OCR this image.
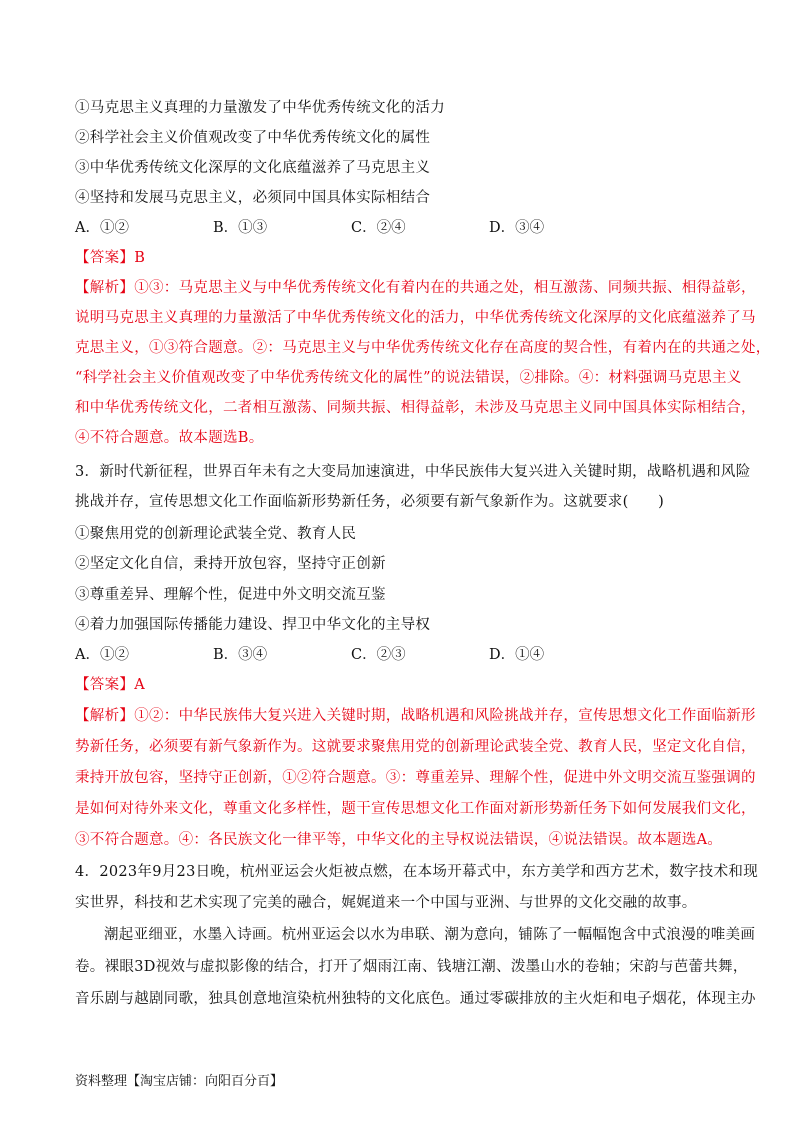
①马克思主义真理的力量激发了中华优秀传统文化的活力
②科学社会主义价值观改变了中华优秀传统文化的属性
③中华优秀传统文化深厚的文化底蕴滋养了马克思主义
④坚持和发展马克思主义，必须同中国具体实际相结合
A．①②	B．①③	C．②④	D．③④
【答案】B
【解析】①③：马克思主义与中华优秀传统文化有着内在的共通之处，相互激荡、同频共振、相得益彰，
说明马克思主义真理的力量激活了中华优秀传统文化的活力，中华优秀传统文化深厚的文化底蕴滋养了马
克思主义，①③符合题意。②：马克思主义与中华优秀传统文化存在高度的契合性，有着内在的共通之处，
“科学社会主义价值观改变了中华优秀传统文化的属性”的说法错误，②排除。④：材料强调马克思主义
和中华优秀传统文化，二者相互激荡、同频共振、相得益彰，未涉及马克思主义同中国具体实际相结合，
④不符合题意。故本题选B。
3．新时代新征程，世界百年未有之大变局加速演进，中华民族伟大复兴进入关键时期，战略机遇和风险
挑战并存，宣传思想文化工作面临新形势新任务，必须要有新气象新作为。这就要求(　　)
①聚焦用党的创新理论武装全党、教育人民
②坚定文化自信，秉持开放包容，坚持守正创新
③尊重差异、理解个性，促进中外文明交流互鉴
④着力加强国际传播能力建设、捍卫中华文化的主导权
A．①②	B．③④	C．②③	D．①④
【答案】A
【解析】①②：中华民族伟大复兴进入关键时期，战略机遇和风险挑战并存，宣传思想文化工作面临新形
势新任务，必须要有新气象新作为。这就要求聚焦用党的创新理论武装全党、教育人民，坚定文化自信，
秉持开放包容，坚持守正创新，①②符合题意。③：尊重差异、理解个性，促进中外文明交流互鉴强调的
是如何对待外来文化，尊重文化多样性，题干宣传思想文化工作面对新形势新任务下如何发展我们文化，
③不符合题意。④：各民族文化一律平等，中华文化的主导权说法错误，④说法错误。故本题选A。
4．2023年9月23日晚，杭州亚运会火炬被点燃，在本场开幕式中，东方美学和西方艺术，数字技术和现
实世界，科技和艺术实现了完美的融合，娓娓道来一个中国与亚洲、与世界的文化交融的故事。
潮起亚细亚，水墨入诗画。杭州亚运会以水为串联、潮为意向，铺陈了一幅幅饱含中式浪漫的唯美画
卷。裸眼3D视效与虚拟影像的结合，打开了烟雨江南、钱塘江潮、泼墨山水的卷轴；宋韵与芭蕾共舞，
音乐剧与越剧同歌，独具创意地渲染杭州独特的文化底色。通过零碳排放的主火炬和电子烟花，体现主办
资料整理【淘宝店铺：向阳百分百】
